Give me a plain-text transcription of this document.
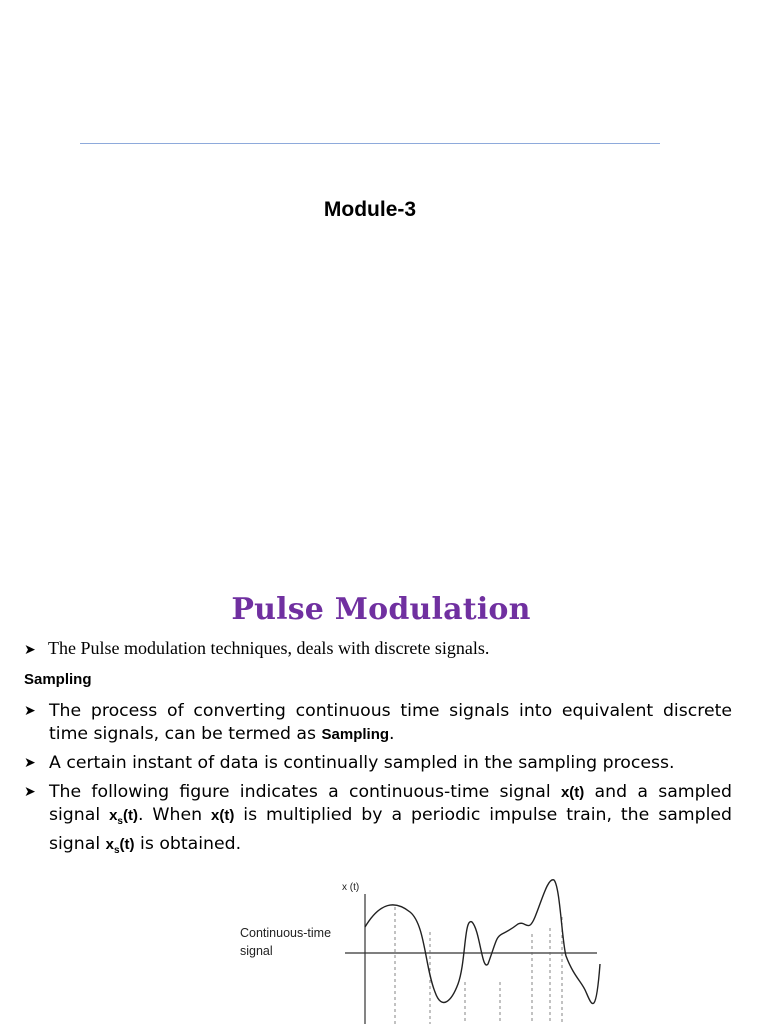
Module-3
Pulse Modulation
➤ The Pulse modulation techniques, deals with discrete signals.
Sampling
➤ The process of converting continuous time signals into equivalent discrete time signals, can be termed as Sampling.
➤ A certain instant of data is continually sampled in the sampling process.
➤ The following figure indicates a continuous-time signal x(t) and a sampled signal $x_s(t)$. When x(t) is multiplied by a periodic impulse train, the sampled signal $x_s(t)$ is obtained.
x (t)
Continuous-time signal
